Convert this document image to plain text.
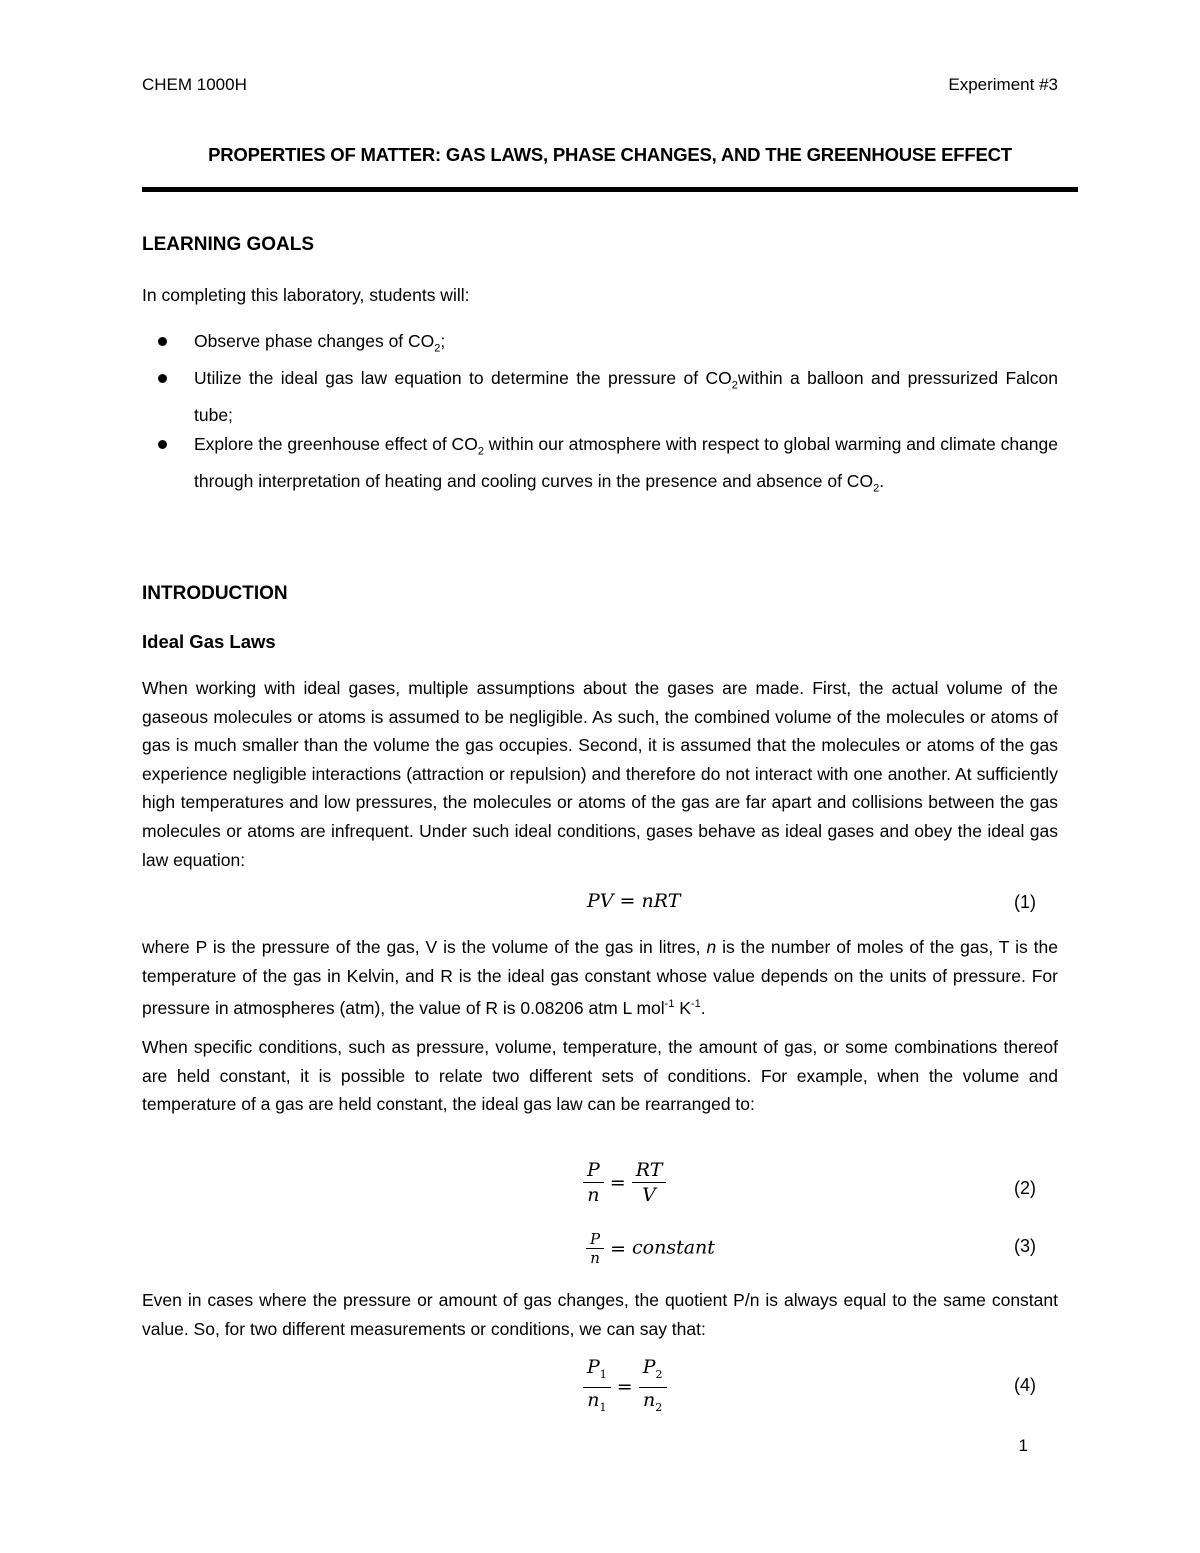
CHEM 1000H	Experiment #3
PROPERTIES OF MATTER: GAS LAWS, PHASE CHANGES, AND THE GREENHOUSE EFFECT
LEARNING GOALS
In completing this laboratory, students will:
Observe phase changes of $CO_2$;
Utilize the ideal gas law equation to determine the pressure of $CO_2within$ a balloon and pressurized Falcon tube;
Explore the greenhouse effect of $CO_2$ within our atmosphere with respect to global warming and climate change through interpretation of heating and cooling curves in the presence and absence of $CO_2$.
INTRODUCTION
Ideal Gas Laws
When working with ideal gases, multiple assumptions about the gases are made. First, the actual volume of the gaseous molecules or atoms is assumed to be negligible. As such, the combined volume of the molecules or atoms of gas is much smaller than the volume the gas occupies. Second, it is assumed that the molecules or atoms of the gas experience negligible interactions (attraction or repulsion) and therefore do not interact with one another. At sufficiently high temperatures and low pressures, the molecules or atoms of the gas are far apart and collisions between the gas molecules or atoms are infrequent. Under such ideal conditions, gases behave as ideal gases and obey the ideal gas law equation:
PV = nRT	(1)
where P is the pressure of the gas, V is the volume of the gas in litres, n is the number of moles of the gas, T is the temperature of the gas in Kelvin, and R is the ideal gas constant whose value depends on the units of pressure. For pressure in atmospheres (atm), the value of R is 0.08206 atm L mol$^{-1}$ $K^{-1}$.
When specific conditions, such as pressure, volume, temperature, the amount of gas, or some combinations thereof are held constant, it is possible to relate two different sets of conditions. For example, when the volume and temperature of a gas are held constant, the ideal gas law can be rearranged to:
$\frac{P}{n} = \frac{RT}{V}$	(2)
$\frac{P}{n}$ = constant	(3)
Even in cases where the pressure or amount of gas changes, the quotient P/n is always equal to the same constant value. So, for two different measurements or conditions, we can say that:
$\frac{P_1}{n_1} = \frac{P_2}{n_2}$	(4)
1
